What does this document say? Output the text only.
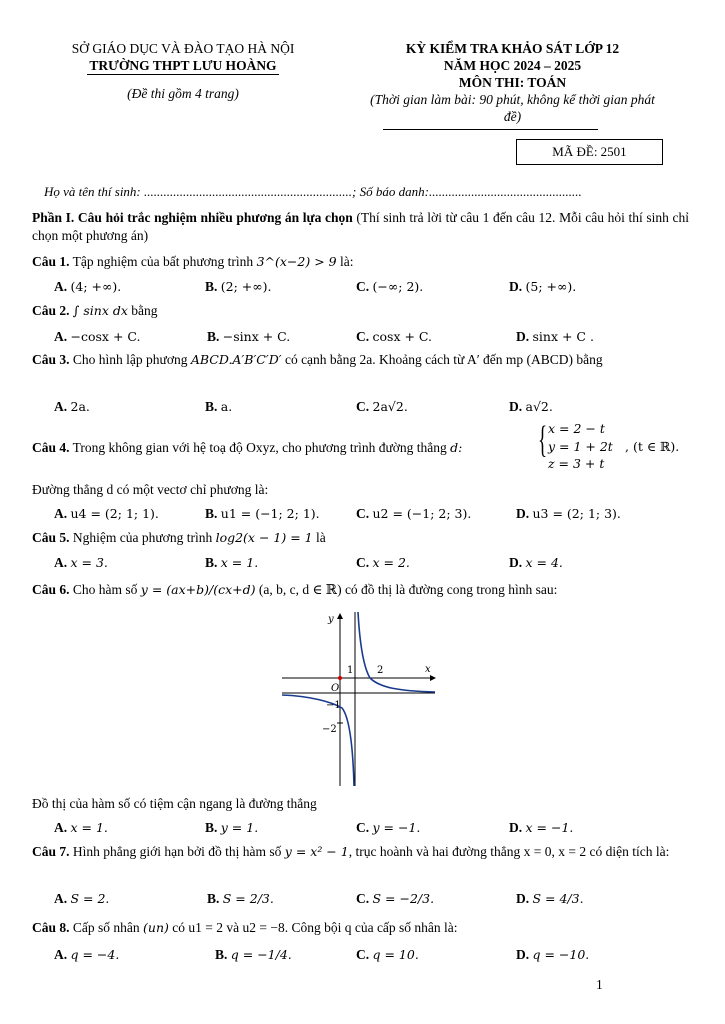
SỞ GIÁO DỤC VÀ ĐÀO TẠO HÀ NỘI
TRƯỜNG THPT LƯU HOÀNG
(Đề thi gồm 4 trang)
KỲ KIỂM TRA KHẢO SÁT LỚP 12
NĂM HỌC 2024 – 2025
MÔN THI: TOÁN
(Thời gian làm bài: 90 phút, không kể thời gian phát
đề)
MÃ ĐỀ: 2501
Họ và tên thí sinh: ................................................................; Số báo danh:...............................................
Phần I. Câu hỏi trắc nghiệm nhiều phương án lựa chọn (Thí sinh trả lời từ câu 1 đến câu 12. Mỗi câu hỏi thí sinh chỉ chọn một phương án)
Câu 1. Tập nghiệm của bất phương trình 3^(x−2) > 9 là:
A. (4; +∞).	B. (2; +∞).	C. (−∞; 2).	D. (5; +∞).
Câu 2. ∫ sinx dx bằng
A. −cosx + C.	B. −sinx + C.	C. cosx + C.	D. sinx + C .
Câu 3. Cho hình lập phương ABCD.A′B′C′D′ có cạnh bằng 2a. Khoảng cách từ A′ đến mp (ABCD) bằng
A. 2a.	B. a.	C. 2a√2.	D. a√2.
Câu 4. Trong không gian với hệ toạ độ Oxyz, cho phương trình đường thẳng d: { x = 2 − t
y = 1 + 2t
z = 3 + t
, (t ∈ ℝ).
Đường thẳng d có một vectơ chỉ phương là:
A. u4 = (2; 1; 1).	B. u1 = (−1; 2; 1).	C. u2 = (−1; 2; 3).	D. u3 = (2; 1; 3).
Câu 5. Nghiệm của phương trình log2(x − 1) = 1 là
A. x = 3.	B. x = 1.	C. x = 2.	D. x = 4.
Câu 6. Cho hàm số y = (ax+b)/(cx+d) (a, b, c, d ∈ ℝ) có đồ thị là đường cong trong hình sau:
y
x
O
1 2
−1
−2
Đồ thị của hàm số có tiệm cận ngang là đường thẳng
A. x = 1.	B. y = 1.	C. y = −1.	D. x = −1.
Câu 7. Hình phẳng giới hạn bởi đồ thị hàm số y = x² − 1, trục hoành và hai đường thẳng x = 0, x = 2 có diện tích là:
A. S = 2.	B. S = 2/3.	C. S = −2/3.	D. S = 4/3.
Câu 8. Cấp số nhân (un) có u1 = 2 và u2 = −8. Công bội q của cấp số nhân là:
A. q = −4.	B. q = −1/4.	C. q = 10.	D. q = −10.
1
